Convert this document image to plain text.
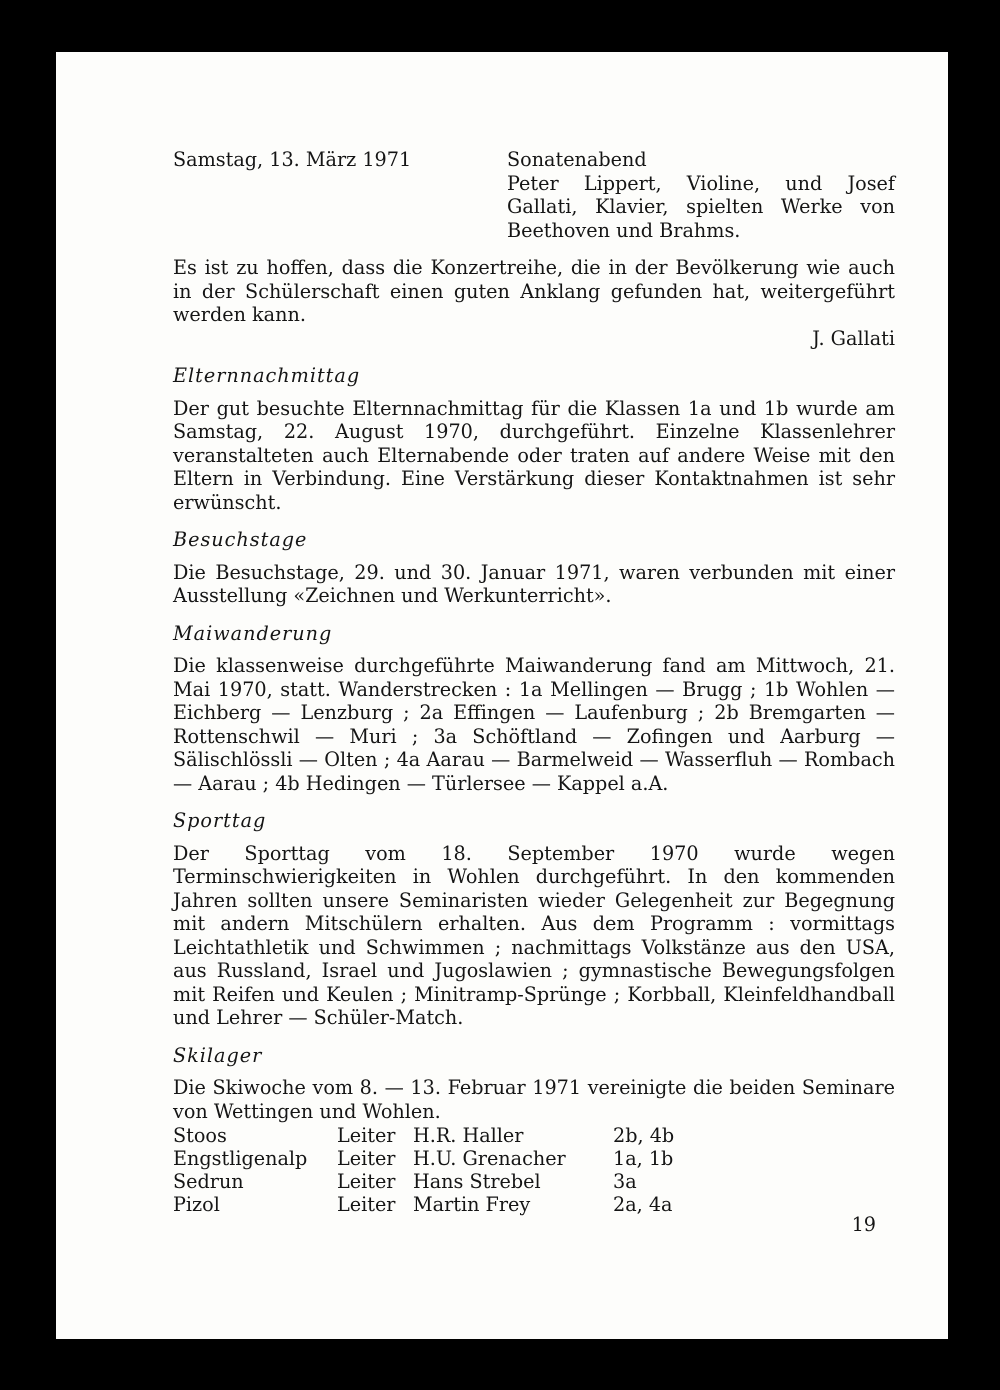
Samstag, 13. März 1971	Sonatenabend
Peter Lippert, Violine, und Josef Gallati, Klavier, spielten Werke von Beethoven und Brahms.

Es ist zu hoffen, dass die Konzertreihe, die in der Bevölkerung wie auch in der Schülerschaft einen guten Anklang gefunden hat, weitergeführt werden kann.

J. Gallati
Elternnachmittag

Der gut besuchte Elternnachmittag für die Klassen 1a und 1b wurde am Samstag, 22. August 1970, durchgeführt. Einzelne Klassenlehrer veranstalteten auch Elternabende oder traten auf andere Weise mit den Eltern in Verbindung. Eine Verstärkung dieser Kontaktnahmen ist sehr erwünscht.

Besuchstage

Die Besuchstage, 29. und 30. Januar 1971, waren verbunden mit einer Ausstellung «Zeichnen und Werkunterricht».

Maiwanderung

Die klassenweise durchgeführte Maiwanderung fand am Mittwoch, 21. Mai 1970, statt. Wanderstrecken : 1a Mellingen — Brugg ; 1b Wohlen — Eichberg — Lenzburg ; 2a Effingen — Laufenburg ; 2b Bremgarten — Rottenschwil — Muri ; 3a Schöftland — Zofingen und Aarburg — Sälischlössli — Olten ; 4a Aarau — Barmelweid — Wasserfluh — Rombach — Aarau ; 4b Hedingen — Türlersee — Kappel a.A.

Sporttag

Der Sporttag vom 18. September 1970 wurde wegen Terminschwierigkeiten in Wohlen durchgeführt. In den kommenden Jahren sollten unsere Seminaristen wieder Gelegenheit zur Begegnung mit andern Mitschülern erhalten. Aus dem Programm : vormittags Leichtathletik und Schwimmen ; nachmittags Volkstänze aus den USA, aus Russland, Israel und Jugoslawien ; gymnastische Bewegungsfolgen mit Reifen und Keulen ; Minitramp-Sprünge ; Korbball, Kleinfeldhandball und Lehrer — Schüler-Match.

Skilager

Die Skiwoche vom 8. — 13. Februar 1971 vereinigte die beiden Seminare von Wettingen und Wohlen.

Stoos	Leiter	H.R. Haller	2b, 4b
Engstligenalp	Leiter	H.U. Grenacher	1a, 1b
Sedrun	Leiter	Hans Strebel	3a
Pizol	Leiter	Martin Frey	2a, 4a
19
